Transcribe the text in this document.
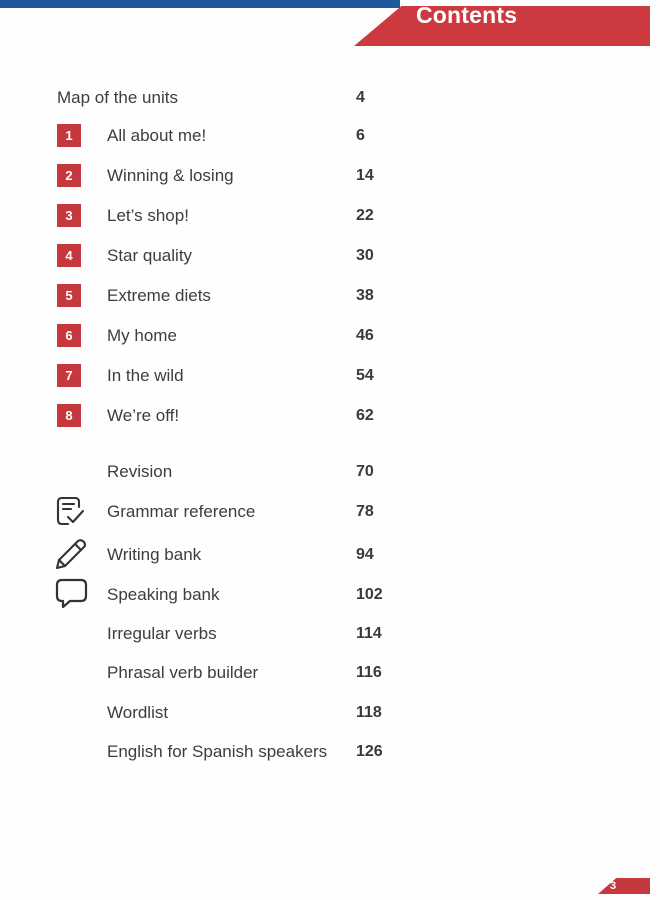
Contents
Map of the units	4
1	All about me!	6
2	Winning & losing	14
3	Let’s shop!	22
4	Star quality	30
5	Extreme diets	38
6	My home	46
7	In the wild	54
8	We’re off!	62
Revision	70
Grammar reference	78
Writing bank	94
Speaking bank	102
Irregular verbs	114
Phrasal verb builder	116
Wordlist	118
English for Spanish speakers 126
3
